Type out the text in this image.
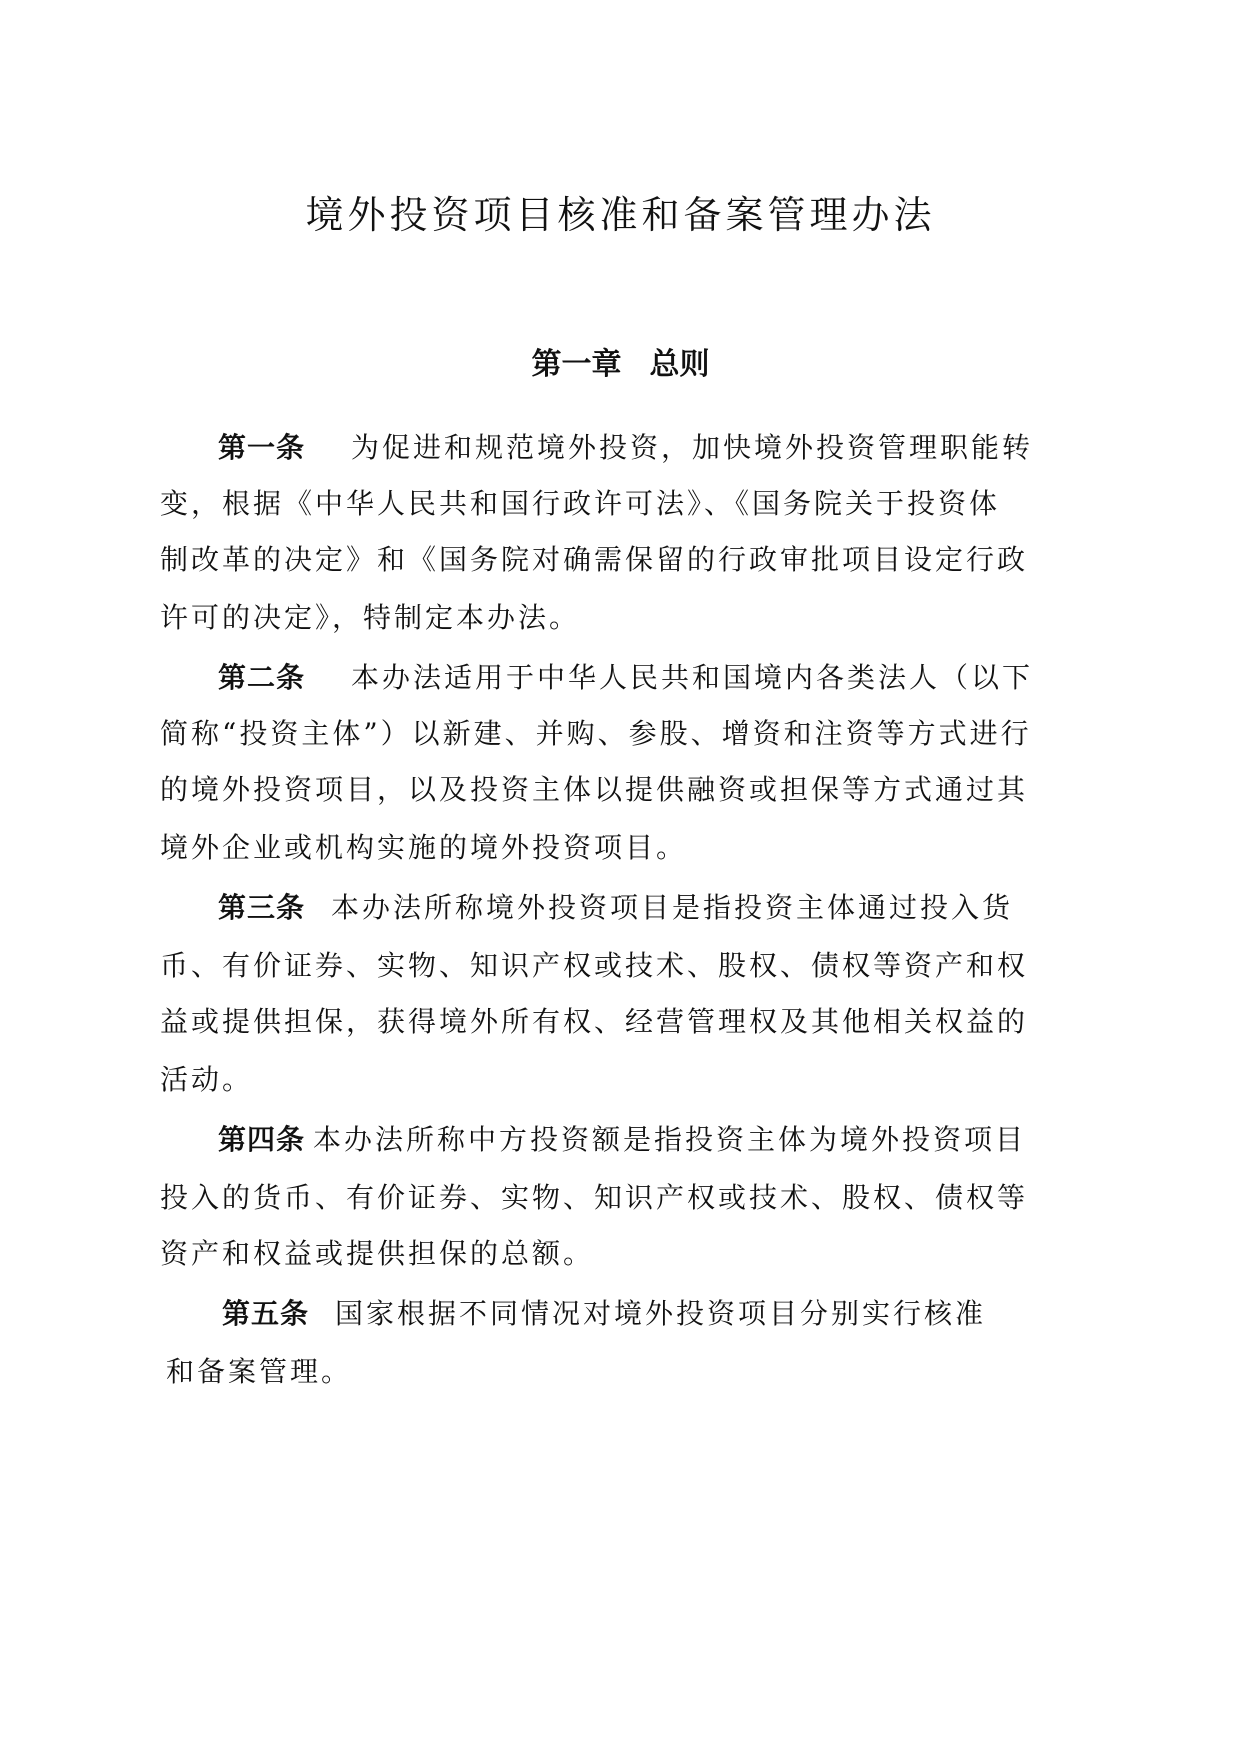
境外投资项目核准和备案管理办法
第一章 总则

第一条 为促进和规范境外投资，加快境外投资管理职能转

变，根据《中华人民共和国行政许可法》、《国务院关于投资体

制改革的决定》和《国务院对确需保留的行政审批项目设定行政

许可的决定》，特制定本办法。

第二条 本办法适用于中华人民共和国境内各类法人（以下

简称“投资主体”）以新建、并购、参股、增资和注资等方式进行

的境外投资项目，以及投资主体以提供融资或担保等方式通过其

境外企业或机构实施的境外投资项目。

第三条 本办法所称境外投资项目是指投资主体通过投入货

币、有价证券、实物、知识产权或技术、股权、债权等资产和权

益或提供担保，获得境外所有权、经营管理权及其他相关权益的

活动。

第四条 本办法所称中方投资额是指投资主体为境外投资项目

投入的货币、有价证券、实物、知识产权或技术、股权、债权等

资产和权益或提供担保的总额。

第五条 国家根据不同情况对境外投资项目分别实行核准

和备案管理。
